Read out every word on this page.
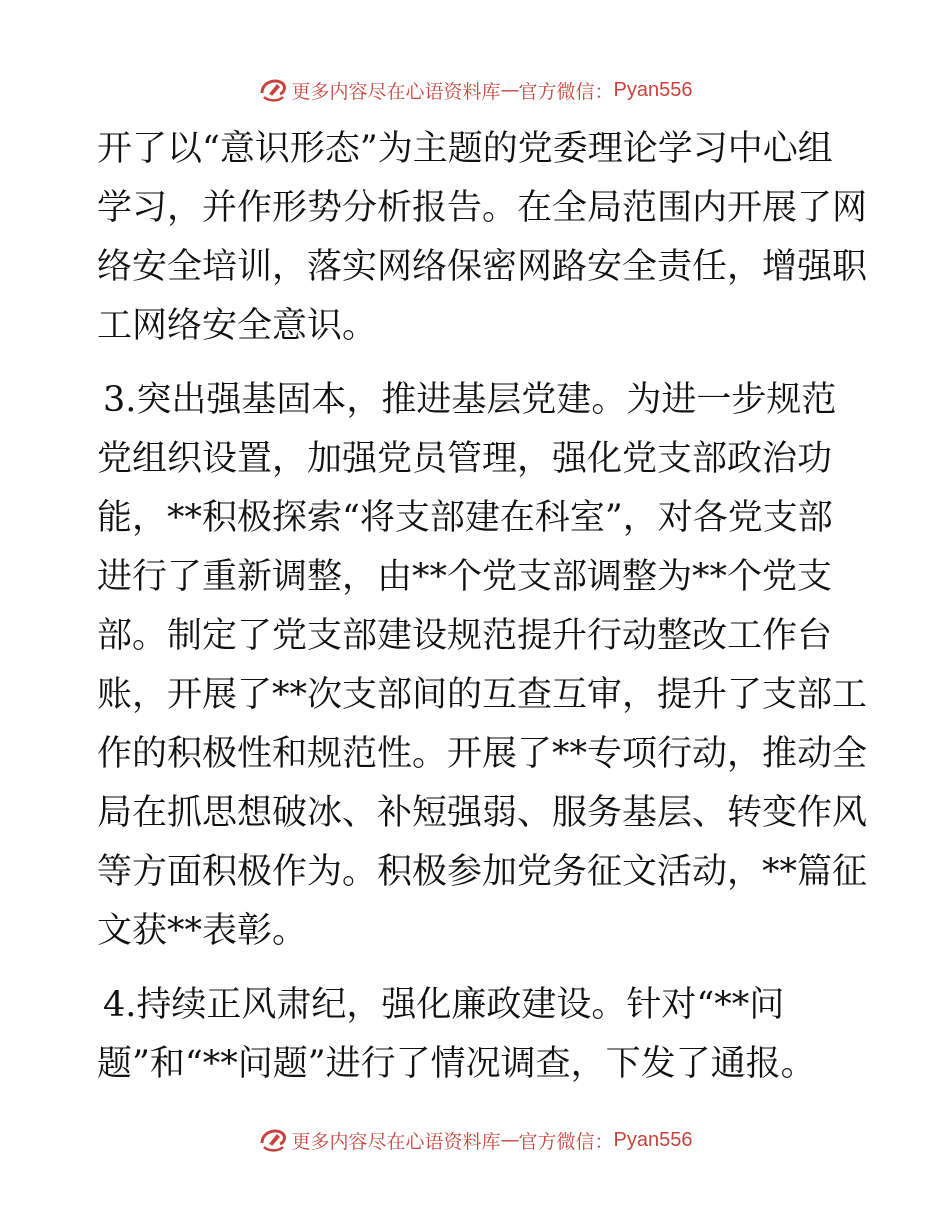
更多内容尽在心语资料库 — 官方微信： Pyan556
开了以“意识形态”为主题的党委理论学习中心组
学习，并作形势分析报告。在全局范围内开展了网
络安全培训，落实网络保密网路安全责任，增强职
工网络安全意识。
3.突出强基固本，推进基层党建。为进一步规范
党组织设置，加强党员管理，强化党支部政治功
能，**积极探索“将支部建在科室”，对各党支部
进行了重新调整，由**个党支部调整为**个党支
部。制定了党支部建设规范提升行动整改工作台
账，开展了**次支部间的互查互审，提升了支部工
作的积极性和规范性。开展了**专项行动，推动全
局在抓思想破冰、补短强弱、服务基层、转变作风
等方面积极作为。积极参加党务征文活动，**篇征
文获**表彰。
4.持续正风肃纪，强化廉政建设。针对“**问
题”和“**问题”进行了情况调查，下发了通报。
更多内容尽在心语资料库 — 官方微信： Pyan556
